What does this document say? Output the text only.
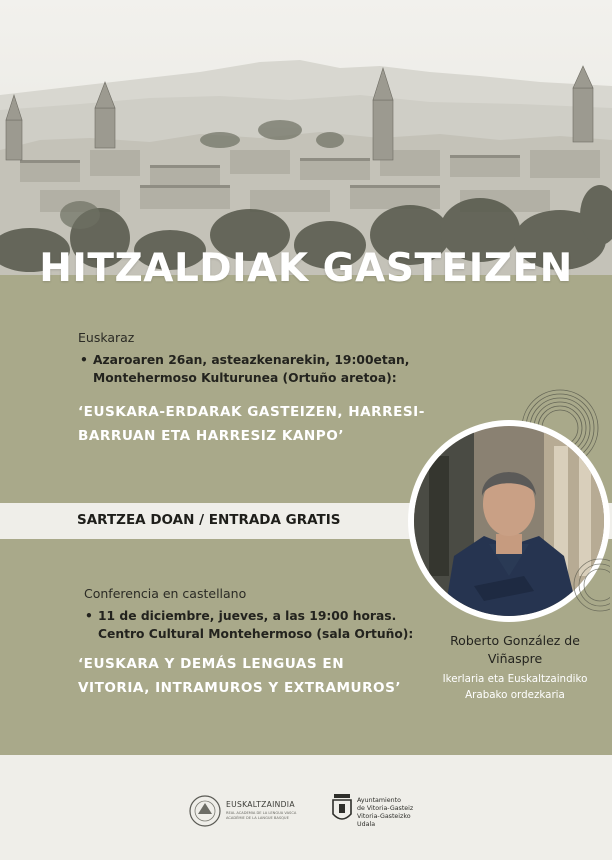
HITZALDIAK GASTEIZEN
Euskaraz
• Azaroaren 26an, asteazkenarekin, 19:00etan,
Montehermoso Kulturunea (Ortuño aretoa):
‘EUSKARA-ERDARAK GASTEIZEN, HARRESI-
BARRUAN ETA HARRESIZ KANPO’
SARTZEA DOAN / ENTRADA GRATIS
Conferencia en castellano
• 11 de diciembre, jueves, a las 19:00 horas.
Centro Cultural Montehermoso (sala Ortuño):
‘EUSKARA Y DEMÁS LENGUAS EN
VITORIA, INTRAMUROS Y EXTRAMUROS’
Roberto González de
Viñaspre
Ikerlaria eta Euskaltzaindiko
Arabako ordezkaria
EUSKALTZAINDIA
REAL ACADEMIA DE LA LENGUA VASCA
ACADÉMIE DE LA LANGUE BASQUE
Ayuntamiento
de Vitoria-Gasteiz
Vitoria-Gasteizko
Udala
